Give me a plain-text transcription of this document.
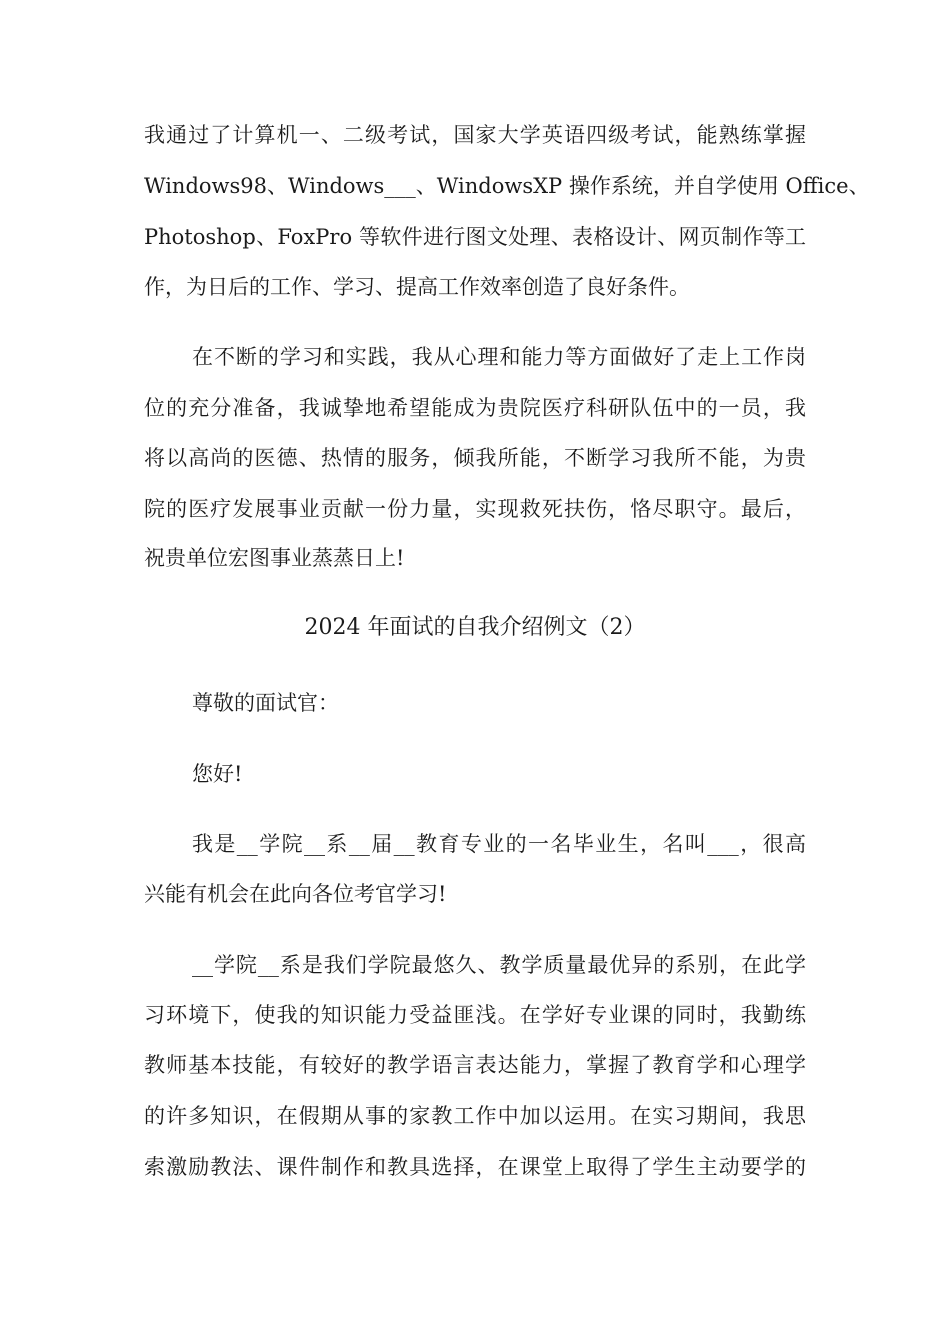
我通过了计算机一、二级考试，国家大学英语四级考试，能熟练掌握
Windows98、Windows___、WindowsXP 操作系统，并自学使用 Office、
Photoshop、FoxPro 等软件进行图文处理、表格设计、网页制作等工
作，为日后的工作、学习、提高工作效率创造了良好条件。
在不断的学习和实践，我从心理和能力等方面做好了走上工作岗
位的充分准备，我诚挚地希望能成为贵院医疗科研队伍中的一员，我
将以高尚的医德、热情的服务，倾我所能，不断学习我所不能，为贵
院的医疗发展事业贡献一份力量，实现救死扶伤，恪尽职守。最后，
祝贵单位宏图事业蒸蒸日上!
2024 年面试的自我介绍例文（2）
尊敬的面试官：
您好!
我是__学院__系__届__教育专业的一名毕业生，名叫___，很高
兴能有机会在此向各位考官学习!
__学院__系是我们学院最悠久、教学质量最优异的系别，在此学
习环境下，使我的知识能力受益匪浅。在学好专业课的同时，我勤练
教师基本技能，有较好的教学语言表达能力，掌握了教育学和心理学
的许多知识，在假期从事的家教工作中加以运用。在实习期间，我思
索激励教法、课件制作和教具选择，在课堂上取得了学生主动要学的
